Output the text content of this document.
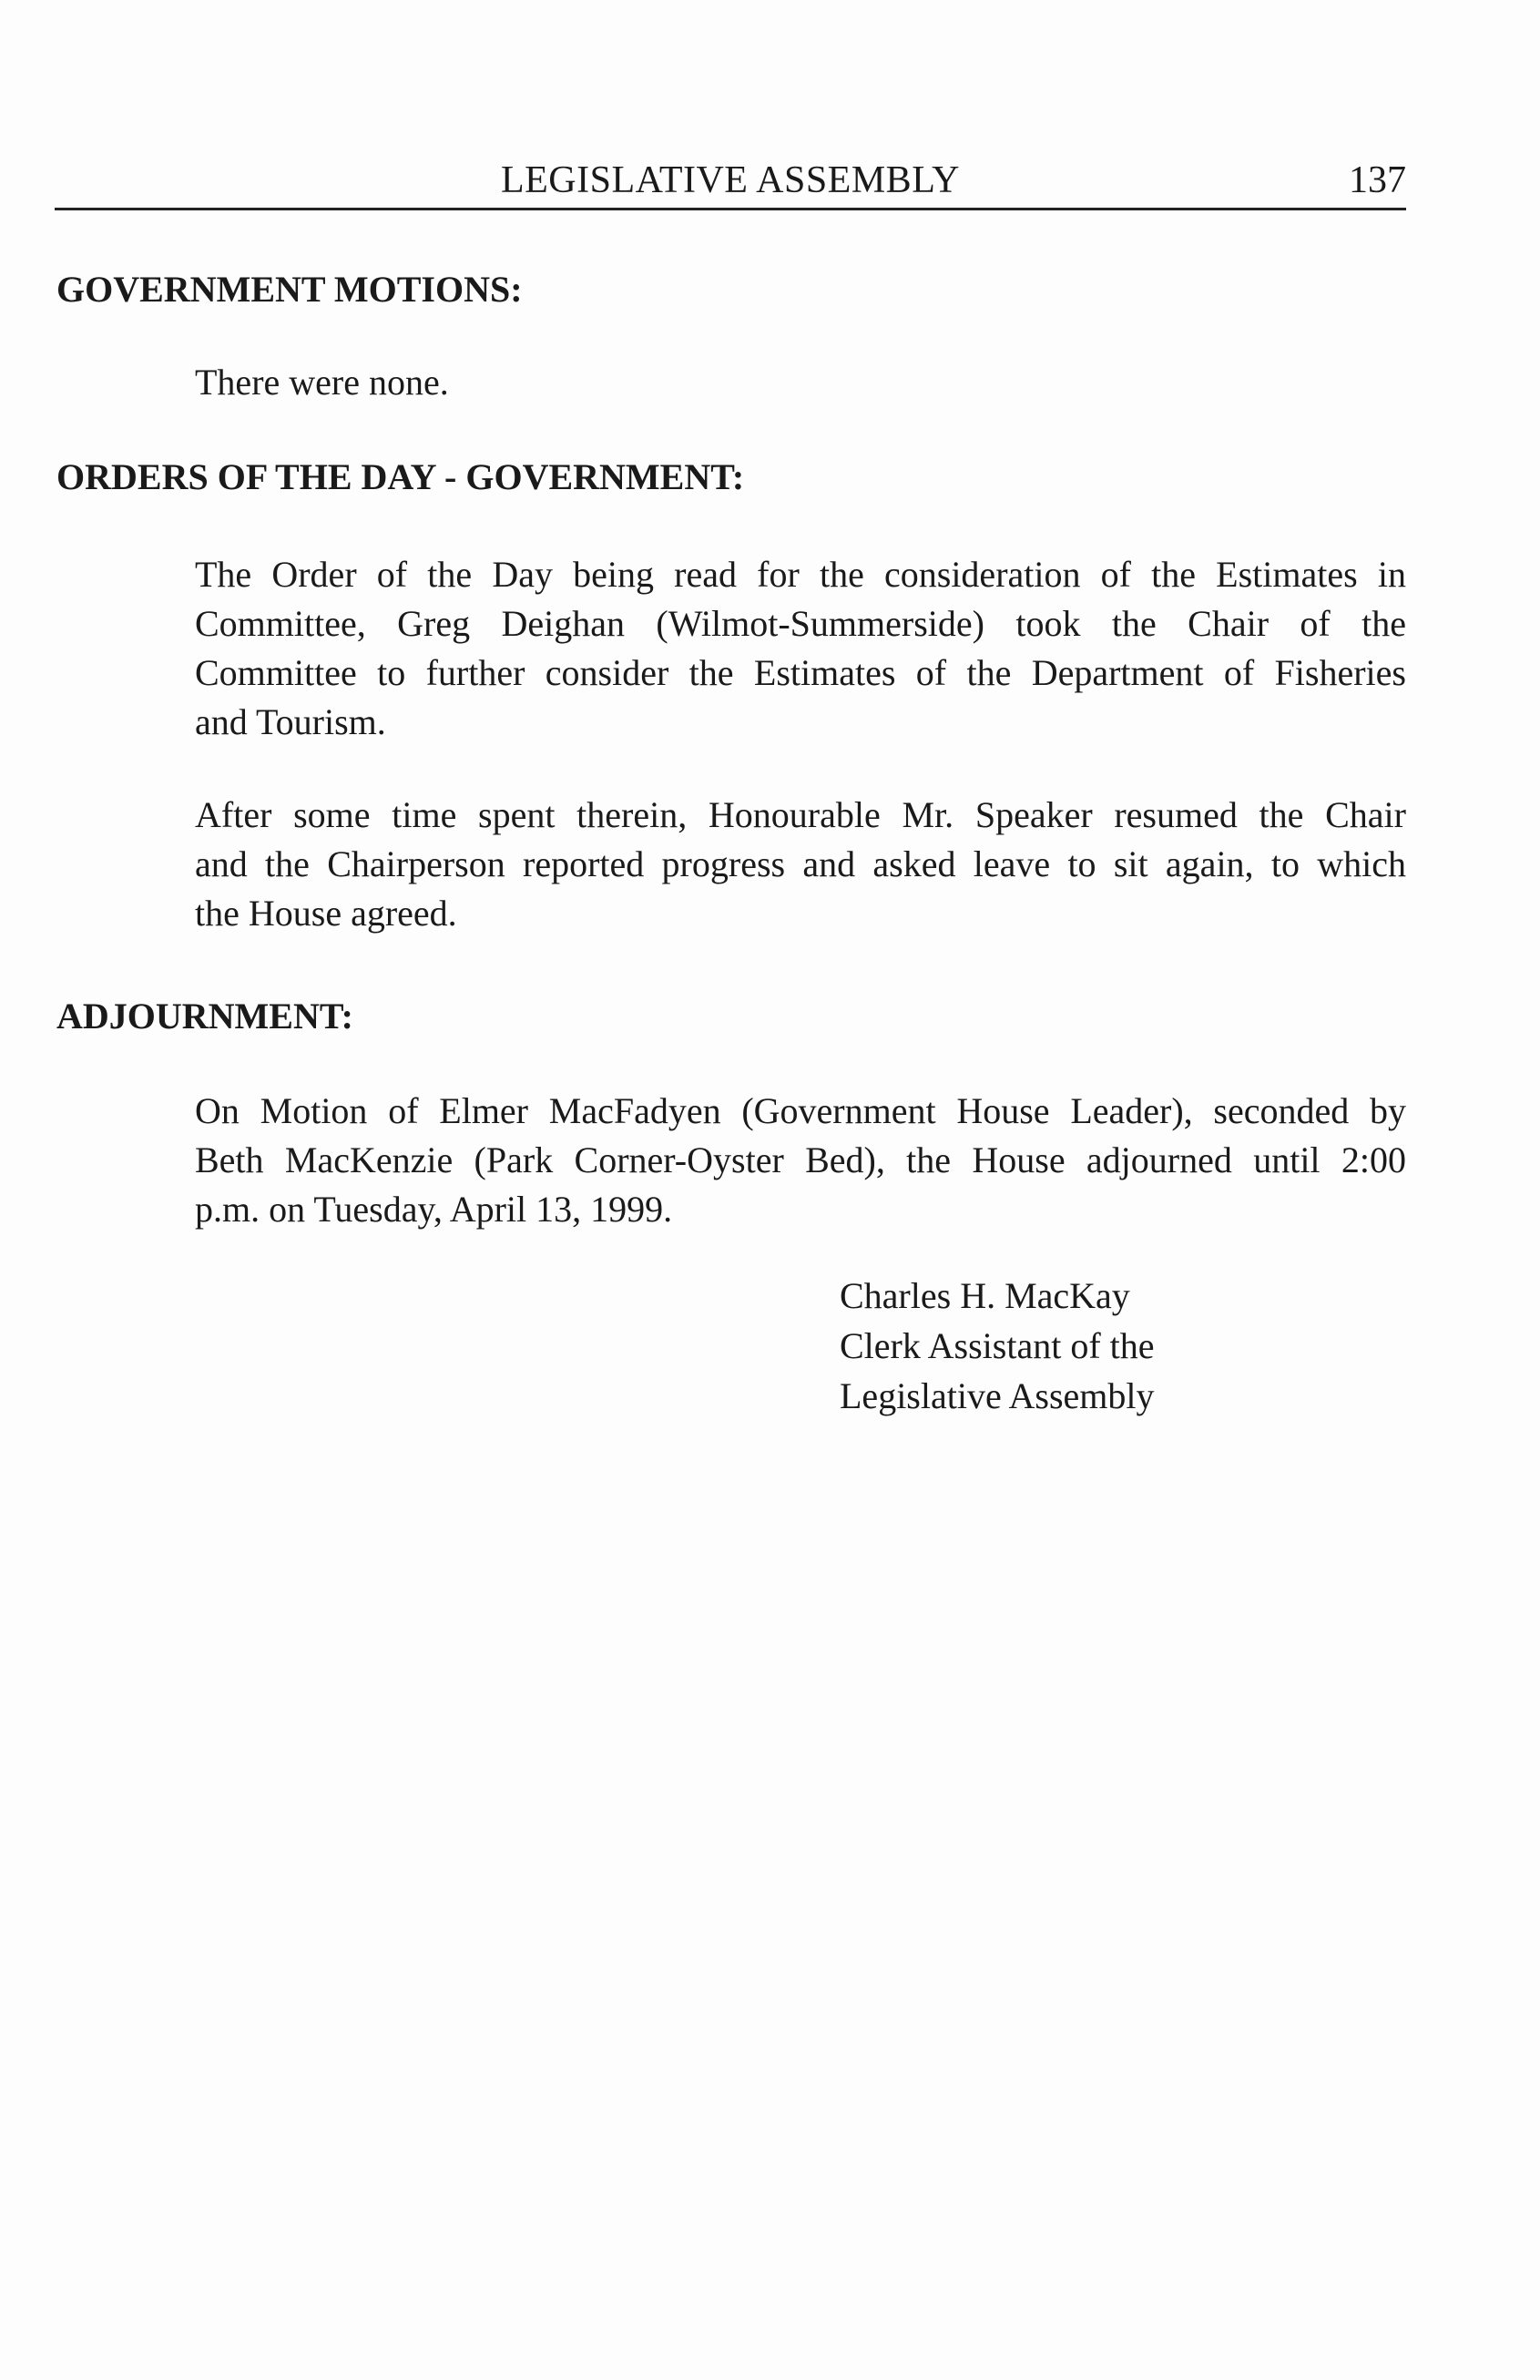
LEGISLATIVE ASSEMBLY	137
GOVERNMENT MOTIONS:
There were none.
ORDERS OF THE DAY - GOVERNMENT:
The Order of the Day being read for the consideration of the Estimates in
Committee, Greg Deighan (Wilmot-Summerside) took the Chair of the
Committee to further consider the Estimates of the Department of Fisheries
and Tourism.
After some time spent therein, Honourable Mr. Speaker resumed the Chair
and the Chairperson reported progress and asked leave to sit again, to which
the House agreed.
ADJOURNMENT:
On Motion of Elmer MacFadyen (Government House Leader), seconded by
Beth MacKenzie (Park Corner-Oyster Bed), the House adjourned until 2:00
p.m. on Tuesday, April 13, 1999.
Charles H. MacKay
Clerk Assistant of the
Legislative Assembly
